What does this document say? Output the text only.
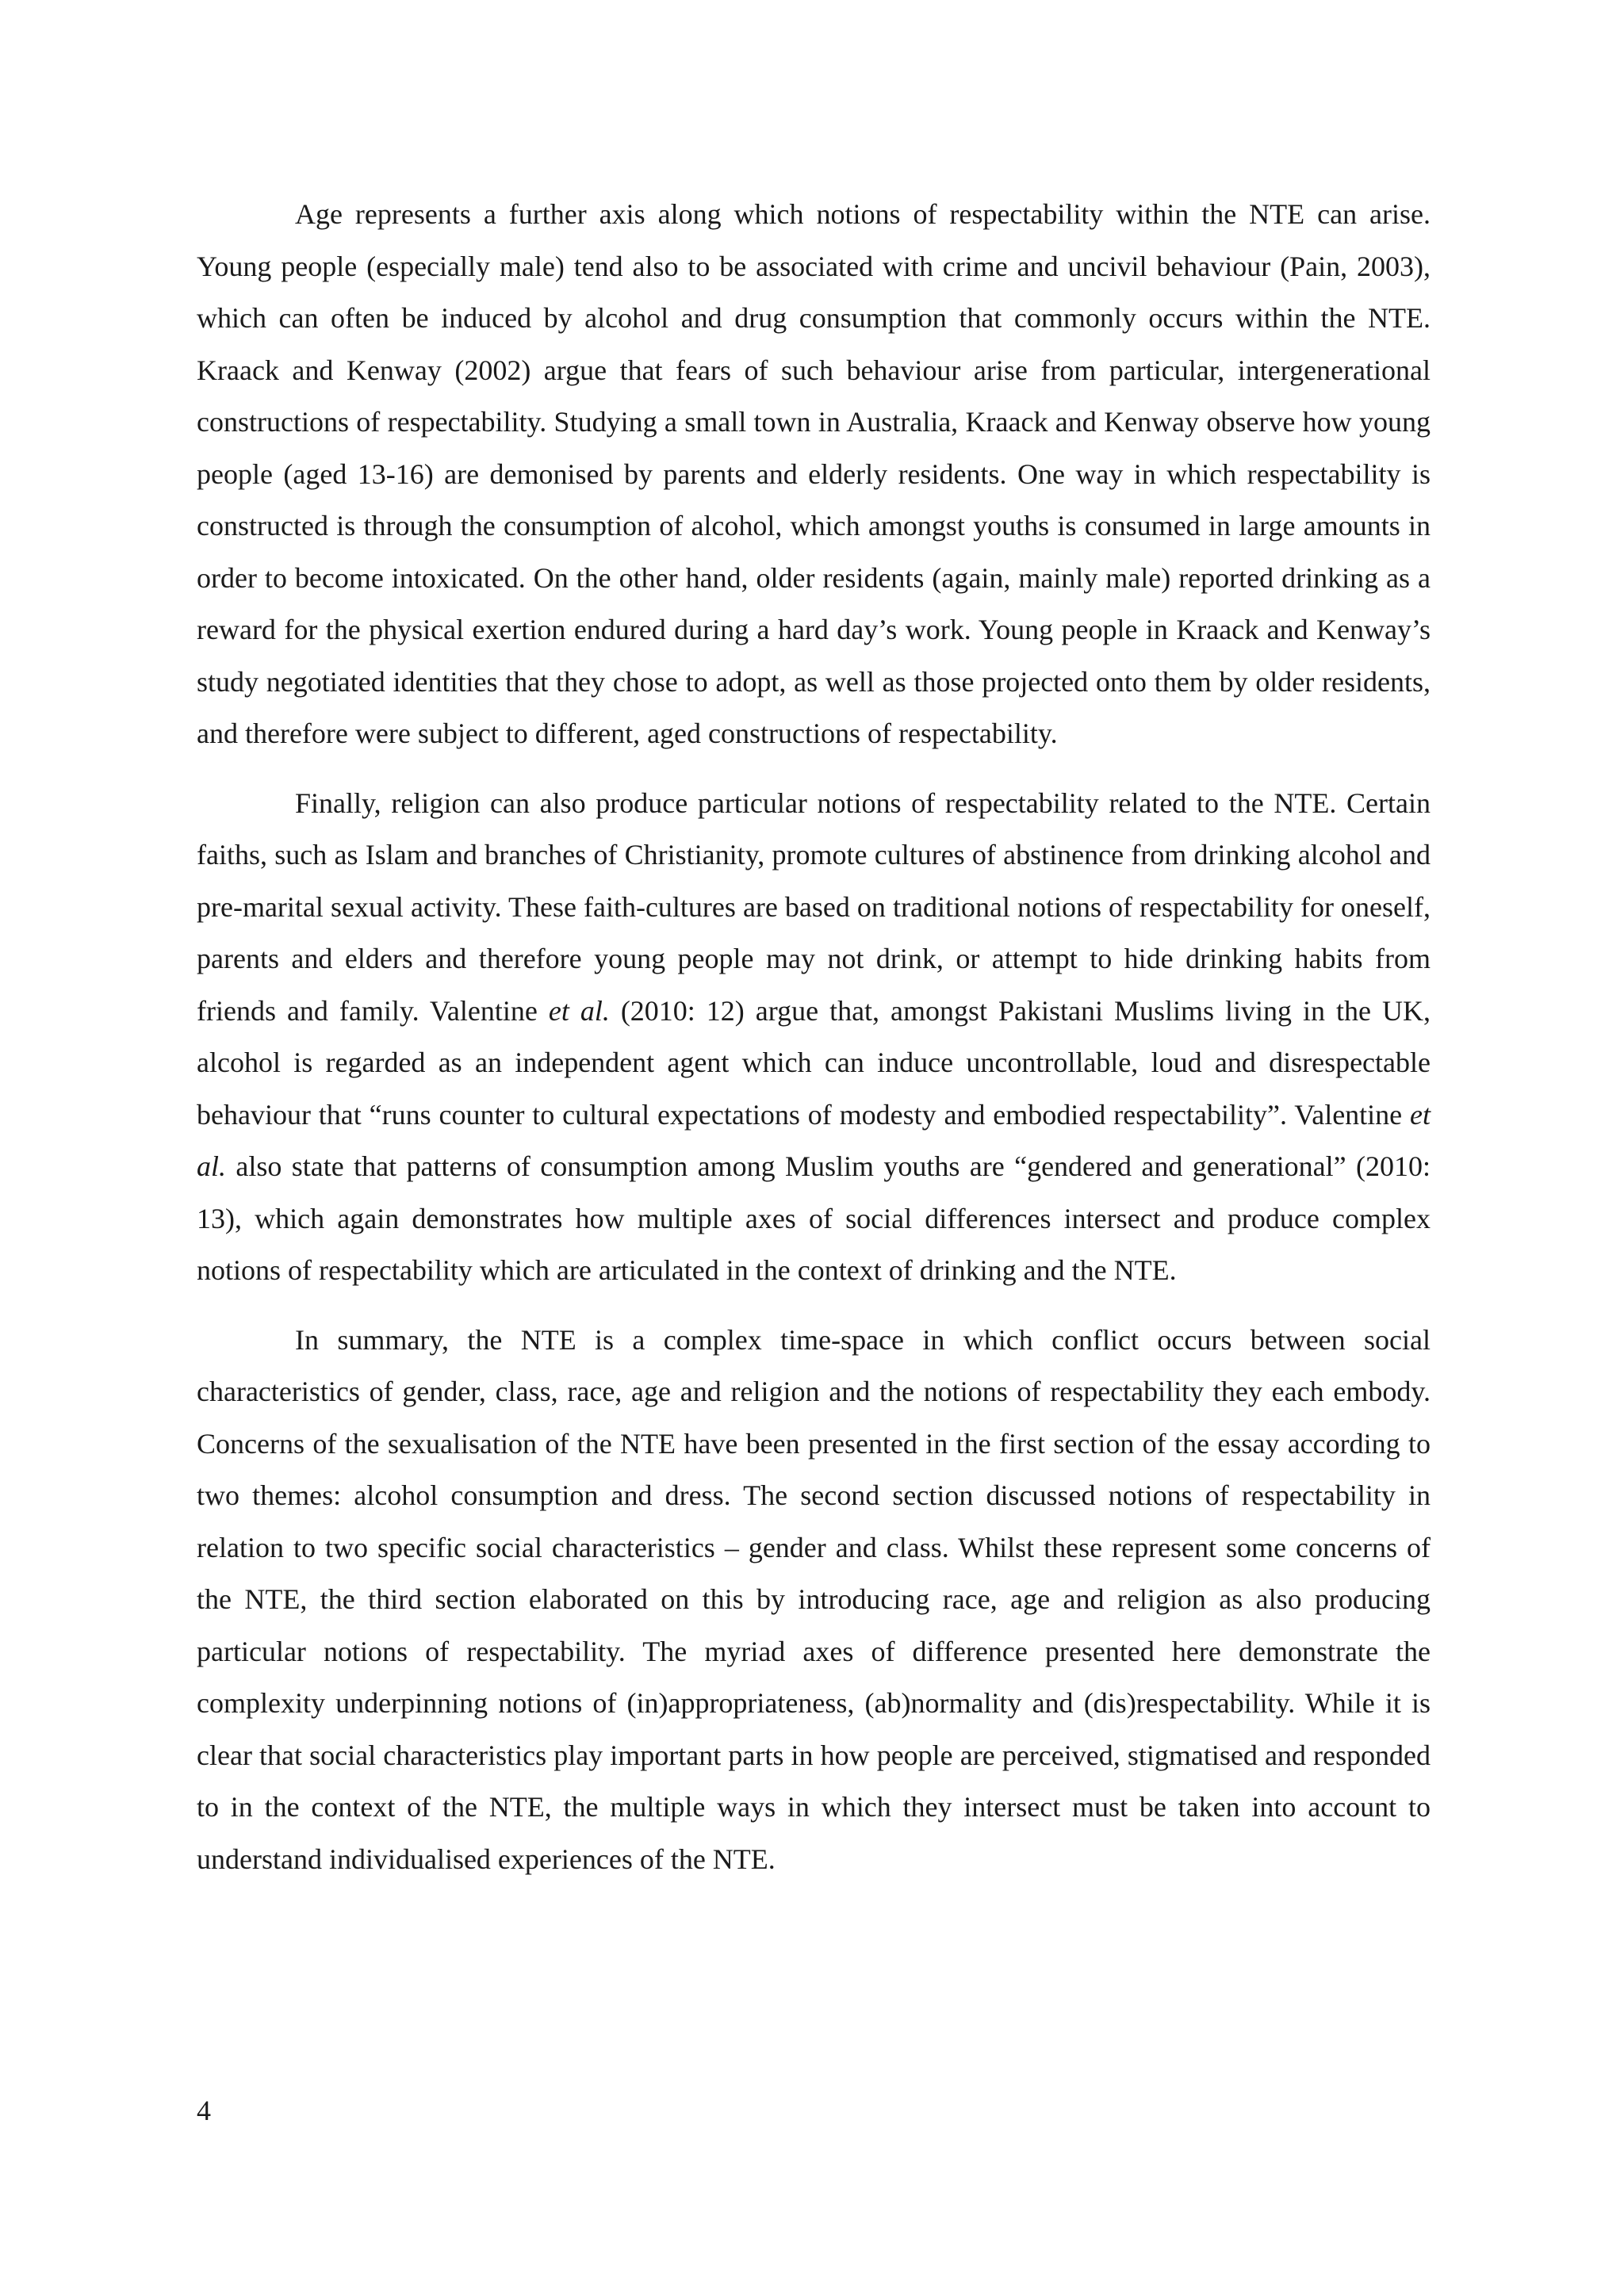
Age represents a further axis along which notions of respectability within the NTE can arise. Young people (especially male) tend also to be associated with crime and uncivil behaviour (Pain, 2003), which can often be induced by alcohol and drug consumption that commonly occurs within the NTE. Kraack and Kenway (2002) argue that fears of such behaviour arise from particular, intergenerational constructions of respectability. Studying a small town in Australia, Kraack and Kenway observe how young people (aged 13-16) are demonised by parents and elderly residents. One way in which respectability is constructed is through the consumption of alcohol, which amongst youths is consumed in large amounts in order to become intoxicated. On the other hand, older residents (again, mainly male) reported drinking as a reward for the physical exertion endured during a hard day’s work. Young people in Kraack and Kenway’s study negotiated identities that they chose to adopt, as well as those projected onto them by older residents, and therefore were subject to different, aged constructions of respectability.

Finally, religion can also produce particular notions of respectability related to the NTE. Certain faiths, such as Islam and branches of Christianity, promote cultures of abstinence from drinking alcohol and pre-marital sexual activity. These faith-cultures are based on traditional notions of respectability for oneself, parents and elders and therefore young people may not drink, or attempt to hide drinking habits from friends and family. Valentine et al. (2010: 12) argue that, amongst Pakistani Muslims living in the UK, alcohol is regarded as an independent agent which can induce uncontrollable, loud and disrespectable behaviour that “runs counter to cultural expectations of modesty and embodied respectability”. Valentine et al. also state that patterns of consumption among Muslim youths are “gendered and generational” (2010: 13), which again demonstrates how multiple axes of social differences intersect and produce complex notions of respectability which are articulated in the context of drinking and the NTE.

In summary, the NTE is a complex time-space in which conflict occurs between social characteristics of gender, class, race, age and religion and the notions of respectability they each embody. Concerns of the sexualisation of the NTE have been presented in the first section of the essay according to two themes: alcohol consumption and dress. The second section discussed notions of respectability in relation to two specific social characteristics – gender and class. Whilst these represent some concerns of the NTE, the third section elaborated on this by introducing race, age and religion as also producing particular notions of respectability. The myriad axes of difference presented here demonstrate the complexity underpinning notions of (in)appropriateness, (ab)normality and (dis)respectability. While it is clear that social characteristics play important parts in how people are perceived, stigmatised and responded to in the context of the NTE, the multiple ways in which they intersect must be taken into account to understand individualised experiences of the NTE.

4
